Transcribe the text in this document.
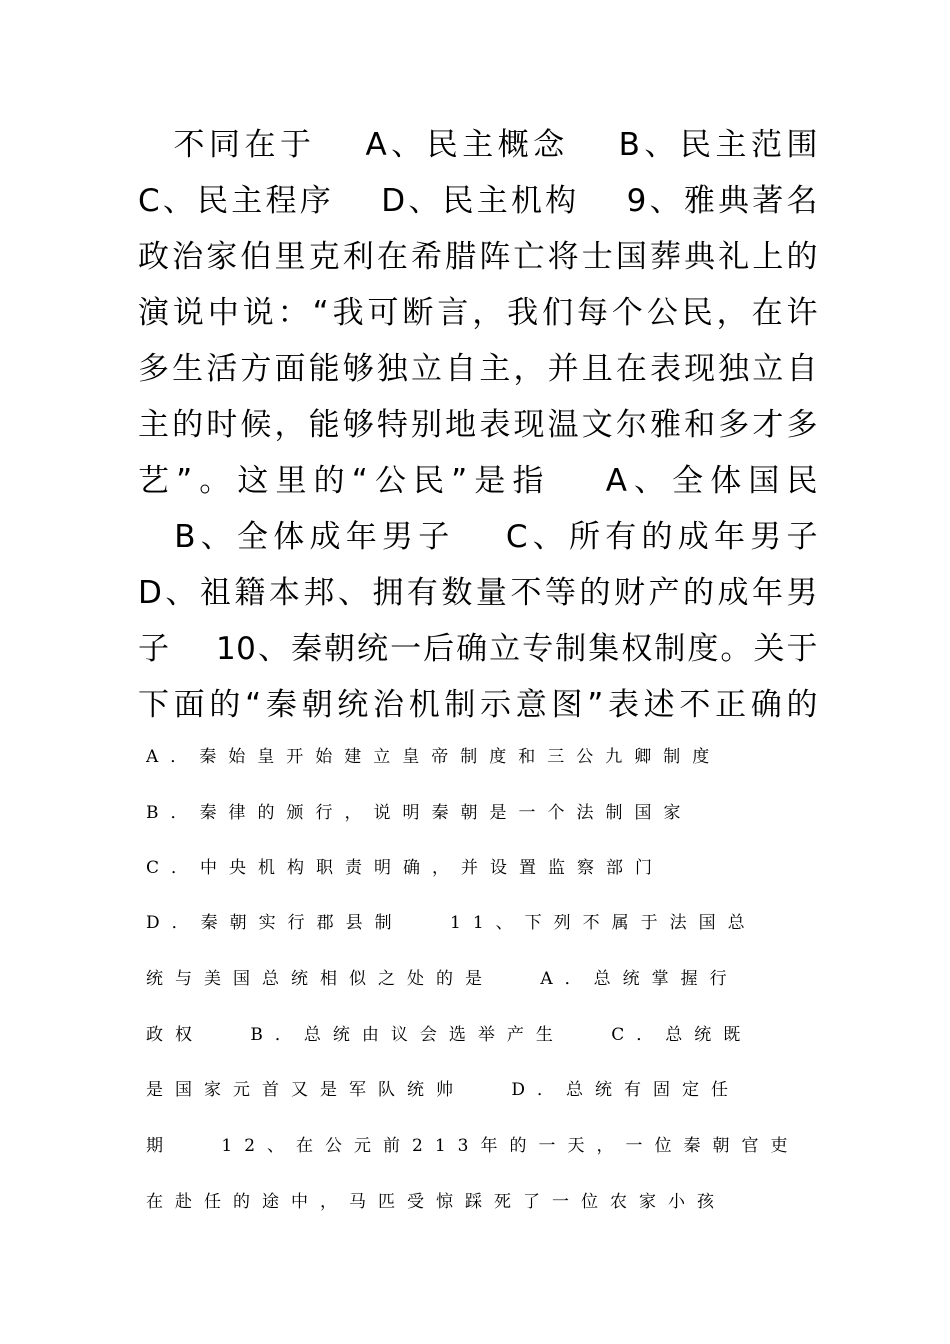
　不同在于　 A、民主概念　 B、民主范围
C、民主程序　 D、民主机构　 9、雅典著名
政治家伯里克利在希腊阵亡将士国葬典礼上的
演说中说：“我可断言，我们每个公民，在许
多生活方面能够独立自主，并且在表现独立自
主的时候，能够特别地表现温文尔雅和多才多
艺”。这里的“公民”是指　 A、全体国民
　B、全体成年男子　 C、所有的成年男子
D、祖籍本邦、拥有数量不等的财产的成年男
子　 10、秦朝统一后确立专制集权制度。关于
下面的“秦朝统治机制示意图”表述不正确的
A．秦始皇开始建立皇帝制度和三公九卿制度
B．秦律的颁行，说明秦朝是一个法制国家
C．中央机构职责明确，并设置监察部门
D．秦朝实行郡县制　 11、下列不属于法国总
统与美国总统相似之处的是　 A．总统掌握行
政权　 B．总统由议会选举产生　 C．总统既
是国家元首又是军队统帅　 D．总统有固定任
期　 12、在公元前213年的一天，一位秦朝官吏
在赴任的途中，马匹受惊踩死了一位农家小孩
